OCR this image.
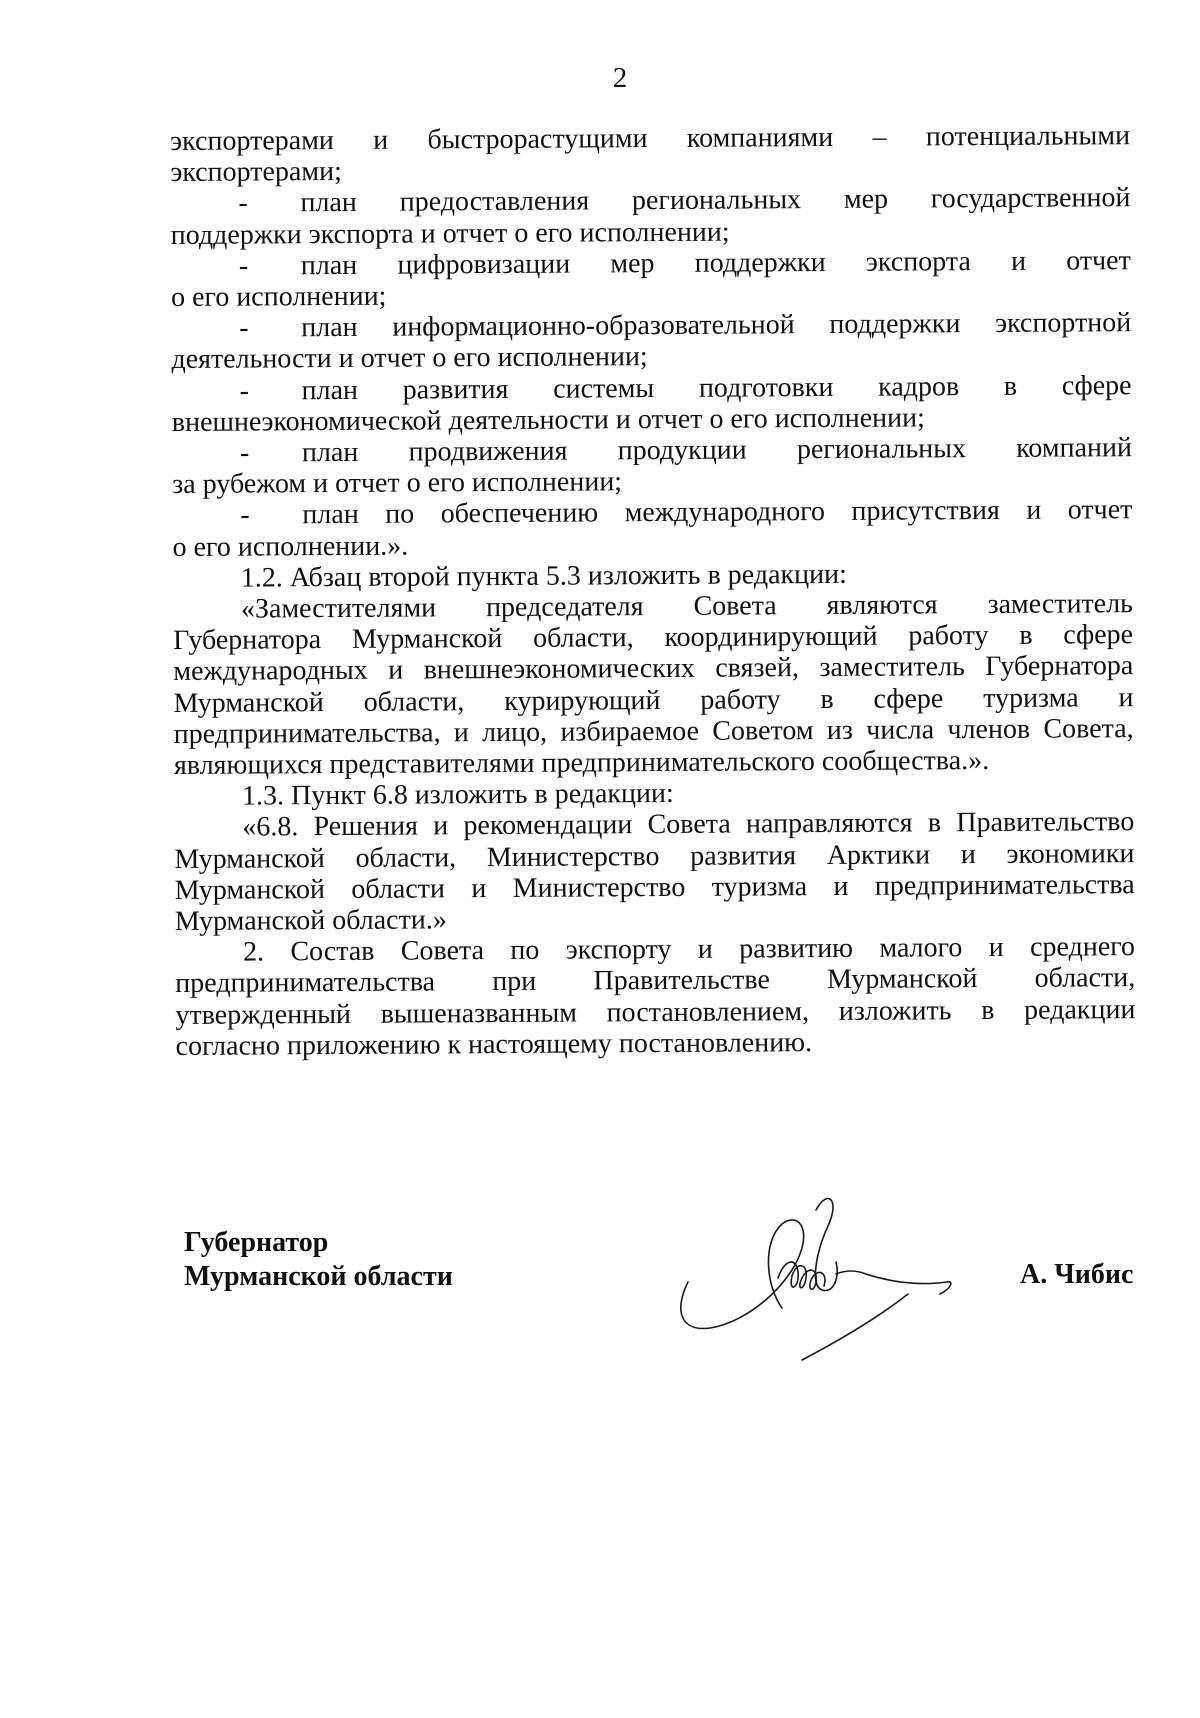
2
экспортерами и быстрорастущими компаниями – потенциальными
экспортерами;
- план предоставления региональных мер государственной
поддержки экспорта и отчет о его исполнении;
- план цифровизации мер поддержки экспорта и отчет
о его исполнении;
- план информационно-образовательной поддержки экспортной
деятельности и отчет о его исполнении;
- план развития системы подготовки кадров в сфере
внешнеэкономической деятельности и отчет о его исполнении;
- план продвижения продукции региональных компаний
за рубежом и отчет о его исполнении;
- план по обеспечению международного присутствия и отчет
о его исполнении.».
1.2. Абзац второй пункта 5.3 изложить в редакции:
«Заместителями председателя Совета являются заместитель
Губернатора Мурманской области, координирующий работу в сфере
международных и внешнеэкономических связей, заместитель Губернатора
Мурманской области, курирующий работу в сфере туризма и
предпринимательства, и лицо, избираемое Советом из числа членов Совета,
являющихся представителями предпринимательского сообщества.».
1.3. Пункт 6.8 изложить в редакции:
«6.8. Решения и рекомендации Совета направляются в Правительство
Мурманской области, Министерство развития Арктики и экономики
Мурманской области и Министерство туризма и предпринимательства
Мурманской области.»
2. Состав Совета по экспорту и развитию малого и среднего
предпринимательства при Правительстве Мурманской области,
утвержденный вышеназванным постановлением, изложить в редакции
согласно приложению к настоящему постановлению.
Губернатор
Мурманской области	А. Чибис
